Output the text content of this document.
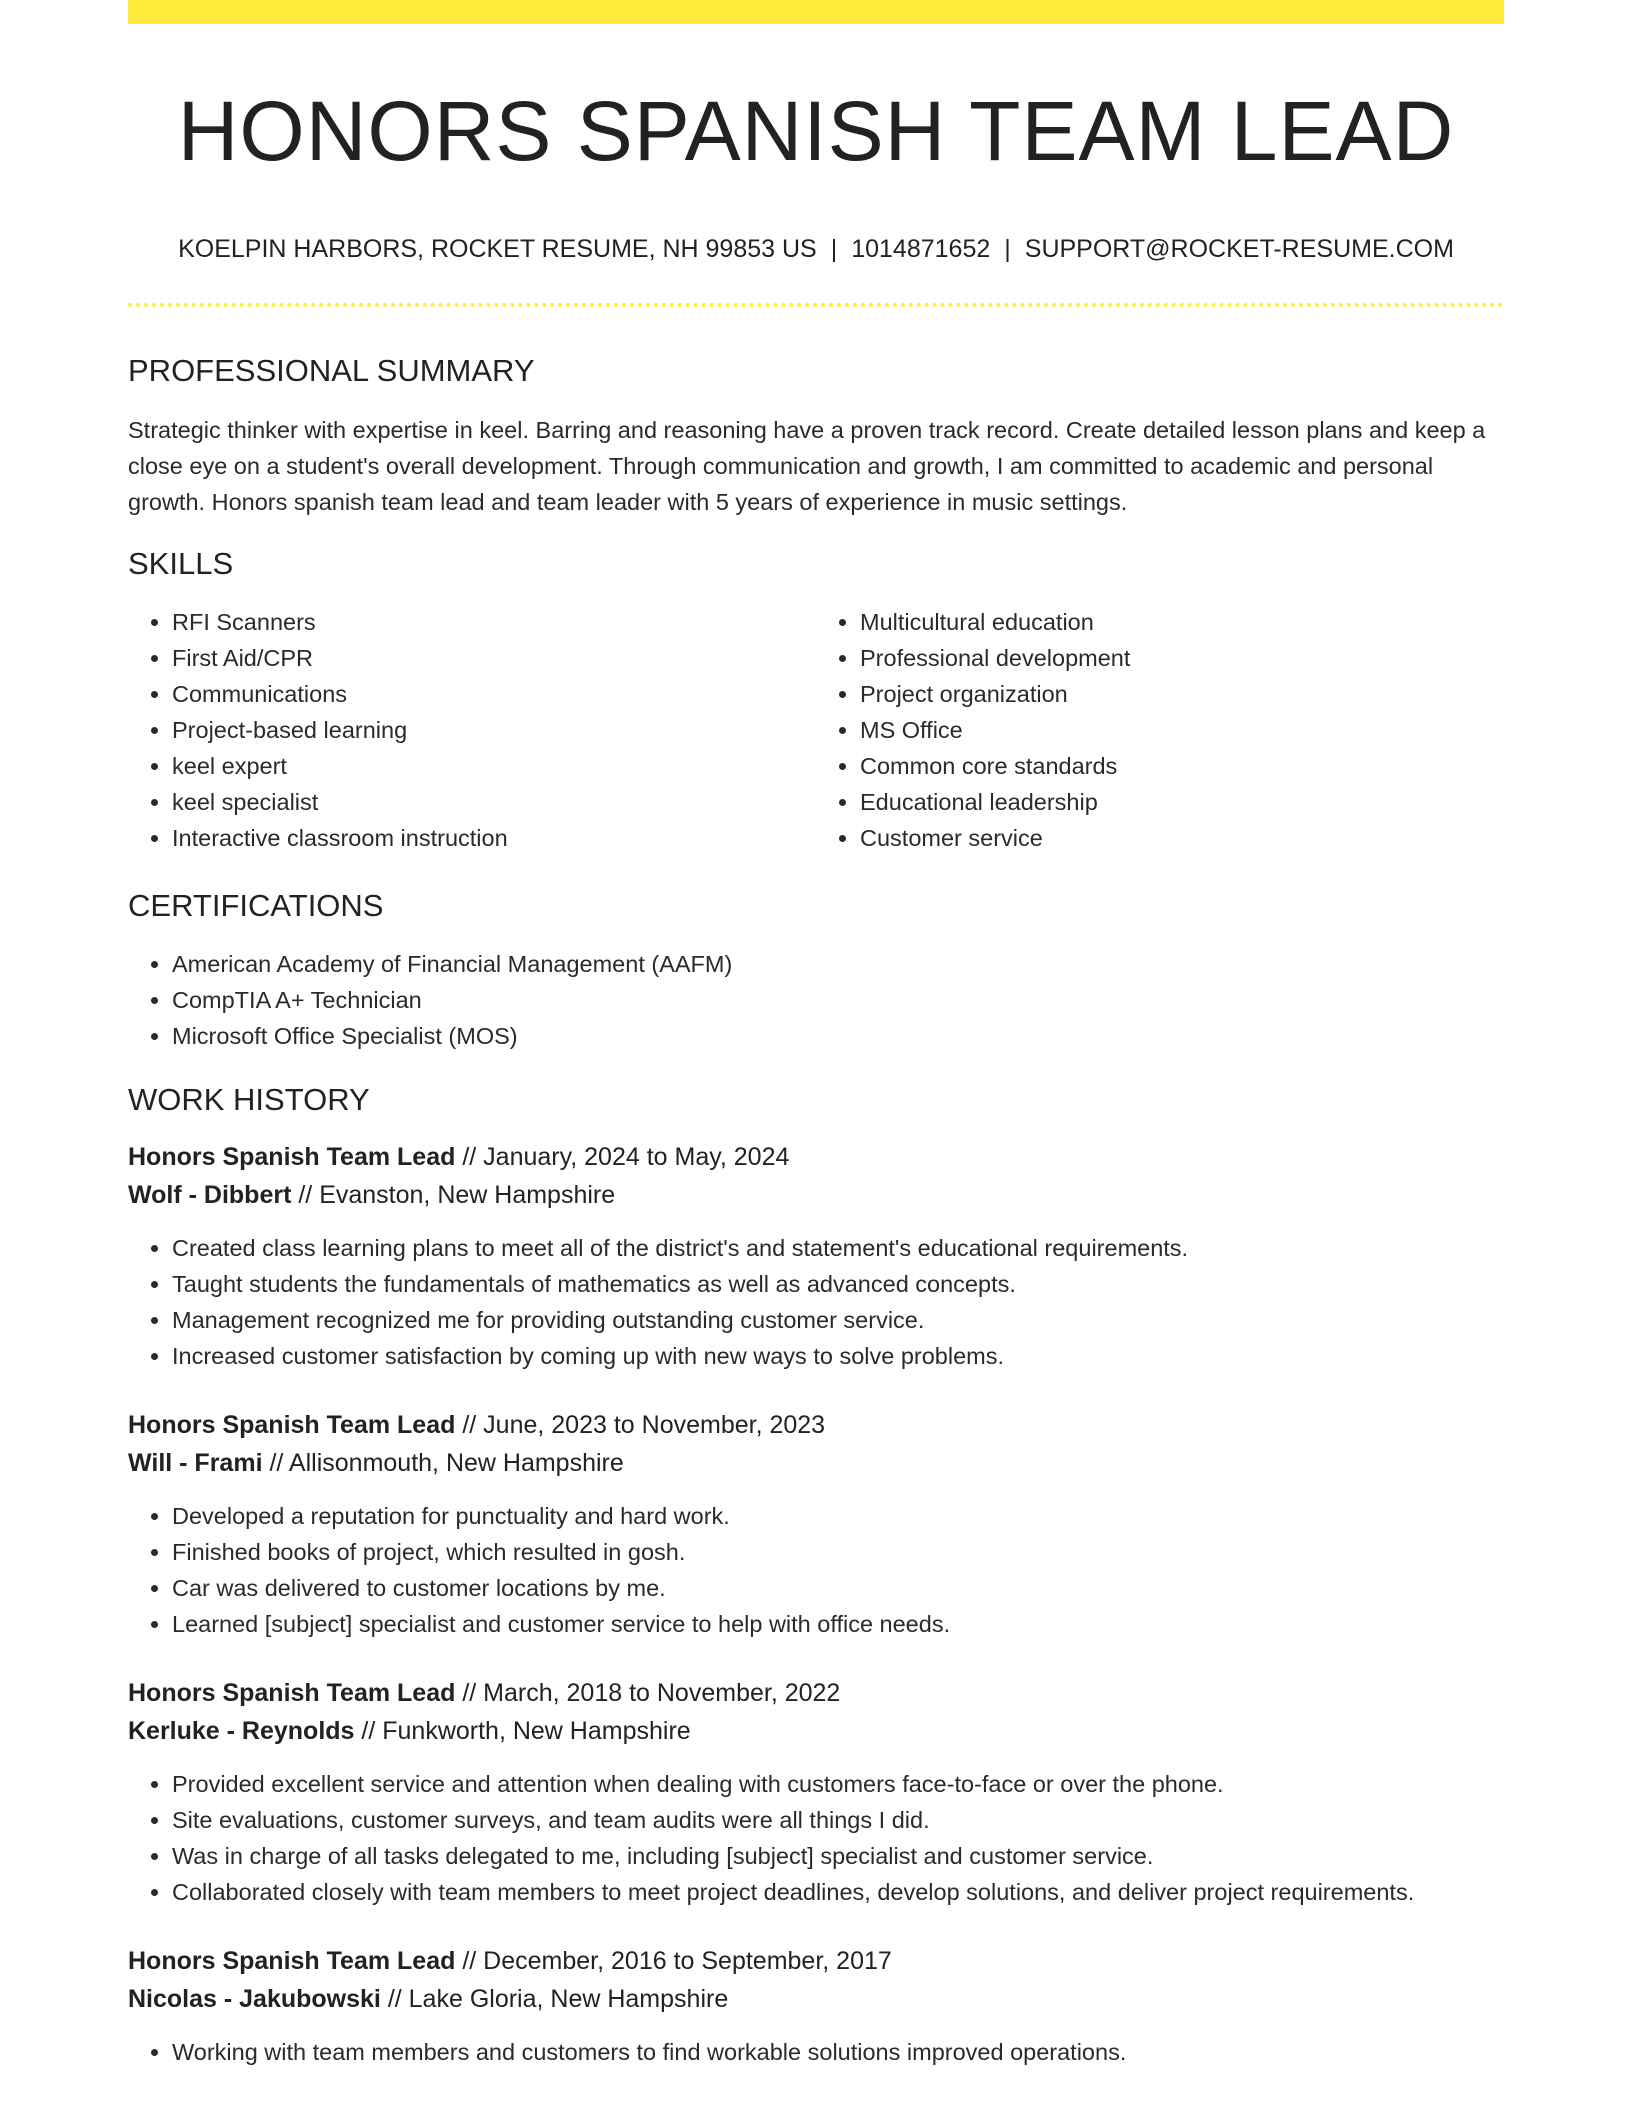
HONORS SPANISH TEAM LEAD
KOELPIN HARBORS, ROCKET RESUME, NH 99853 US | 1014871652 | SUPPORT@ROCKET-RESUME.COM
PROFESSIONAL SUMMARY

Strategic thinker with expertise in keel. Barring and reasoning have a proven track record. Create detailed lesson plans and keep a close eye on a student's overall development. Through communication and growth, I am committed to academic and personal growth. Honors spanish team lead and team leader with 5 years of experience in music settings.

SKILLS
• RFI Scanners
• First Aid/CPR
• Communications
• Project-based learning
• keel expert
• keel specialist
• Interactive classroom instruction
• Multicultural education
• Professional development
• Project organization
• MS Office
• Common core standards
• Educational leadership
• Customer service
CERTIFICATIONS
• American Academy of Financial Management (AAFM)
• CompTIA A+ Technician
• Microsoft Office Specialist (MOS)
WORK HISTORY
Honors Spanish Team Lead // January, 2024 to May, 2024
Wolf - Dibbert // Evanston, New Hampshire
• Created class learning plans to meet all of the district's and statement's educational requirements.
• Taught students the fundamentals of mathematics as well as advanced concepts.
• Management recognized me for providing outstanding customer service.
• Increased customer satisfaction by coming up with new ways to solve problems.
Honors Spanish Team Lead // June, 2023 to November, 2023
Will - Frami // Allisonmouth, New Hampshire
• Developed a reputation for punctuality and hard work.
• Finished books of project, which resulted in gosh.
• Car was delivered to customer locations by me.
• Learned [subject] specialist and customer service to help with office needs.
Honors Spanish Team Lead // March, 2018 to November, 2022
Kerluke - Reynolds // Funkworth, New Hampshire
• Provided excellent service and attention when dealing with customers face-to-face or over the phone.
• Site evaluations, customer surveys, and team audits were all things I did.
• Was in charge of all tasks delegated to me, including [subject] specialist and customer service.
• Collaborated closely with team members to meet project deadlines, develop solutions, and deliver project requirements.
Honors Spanish Team Lead // December, 2016 to September, 2017
Nicolas - Jakubowski // Lake Gloria, New Hampshire
• Working with team members and customers to find workable solutions improved operations.
